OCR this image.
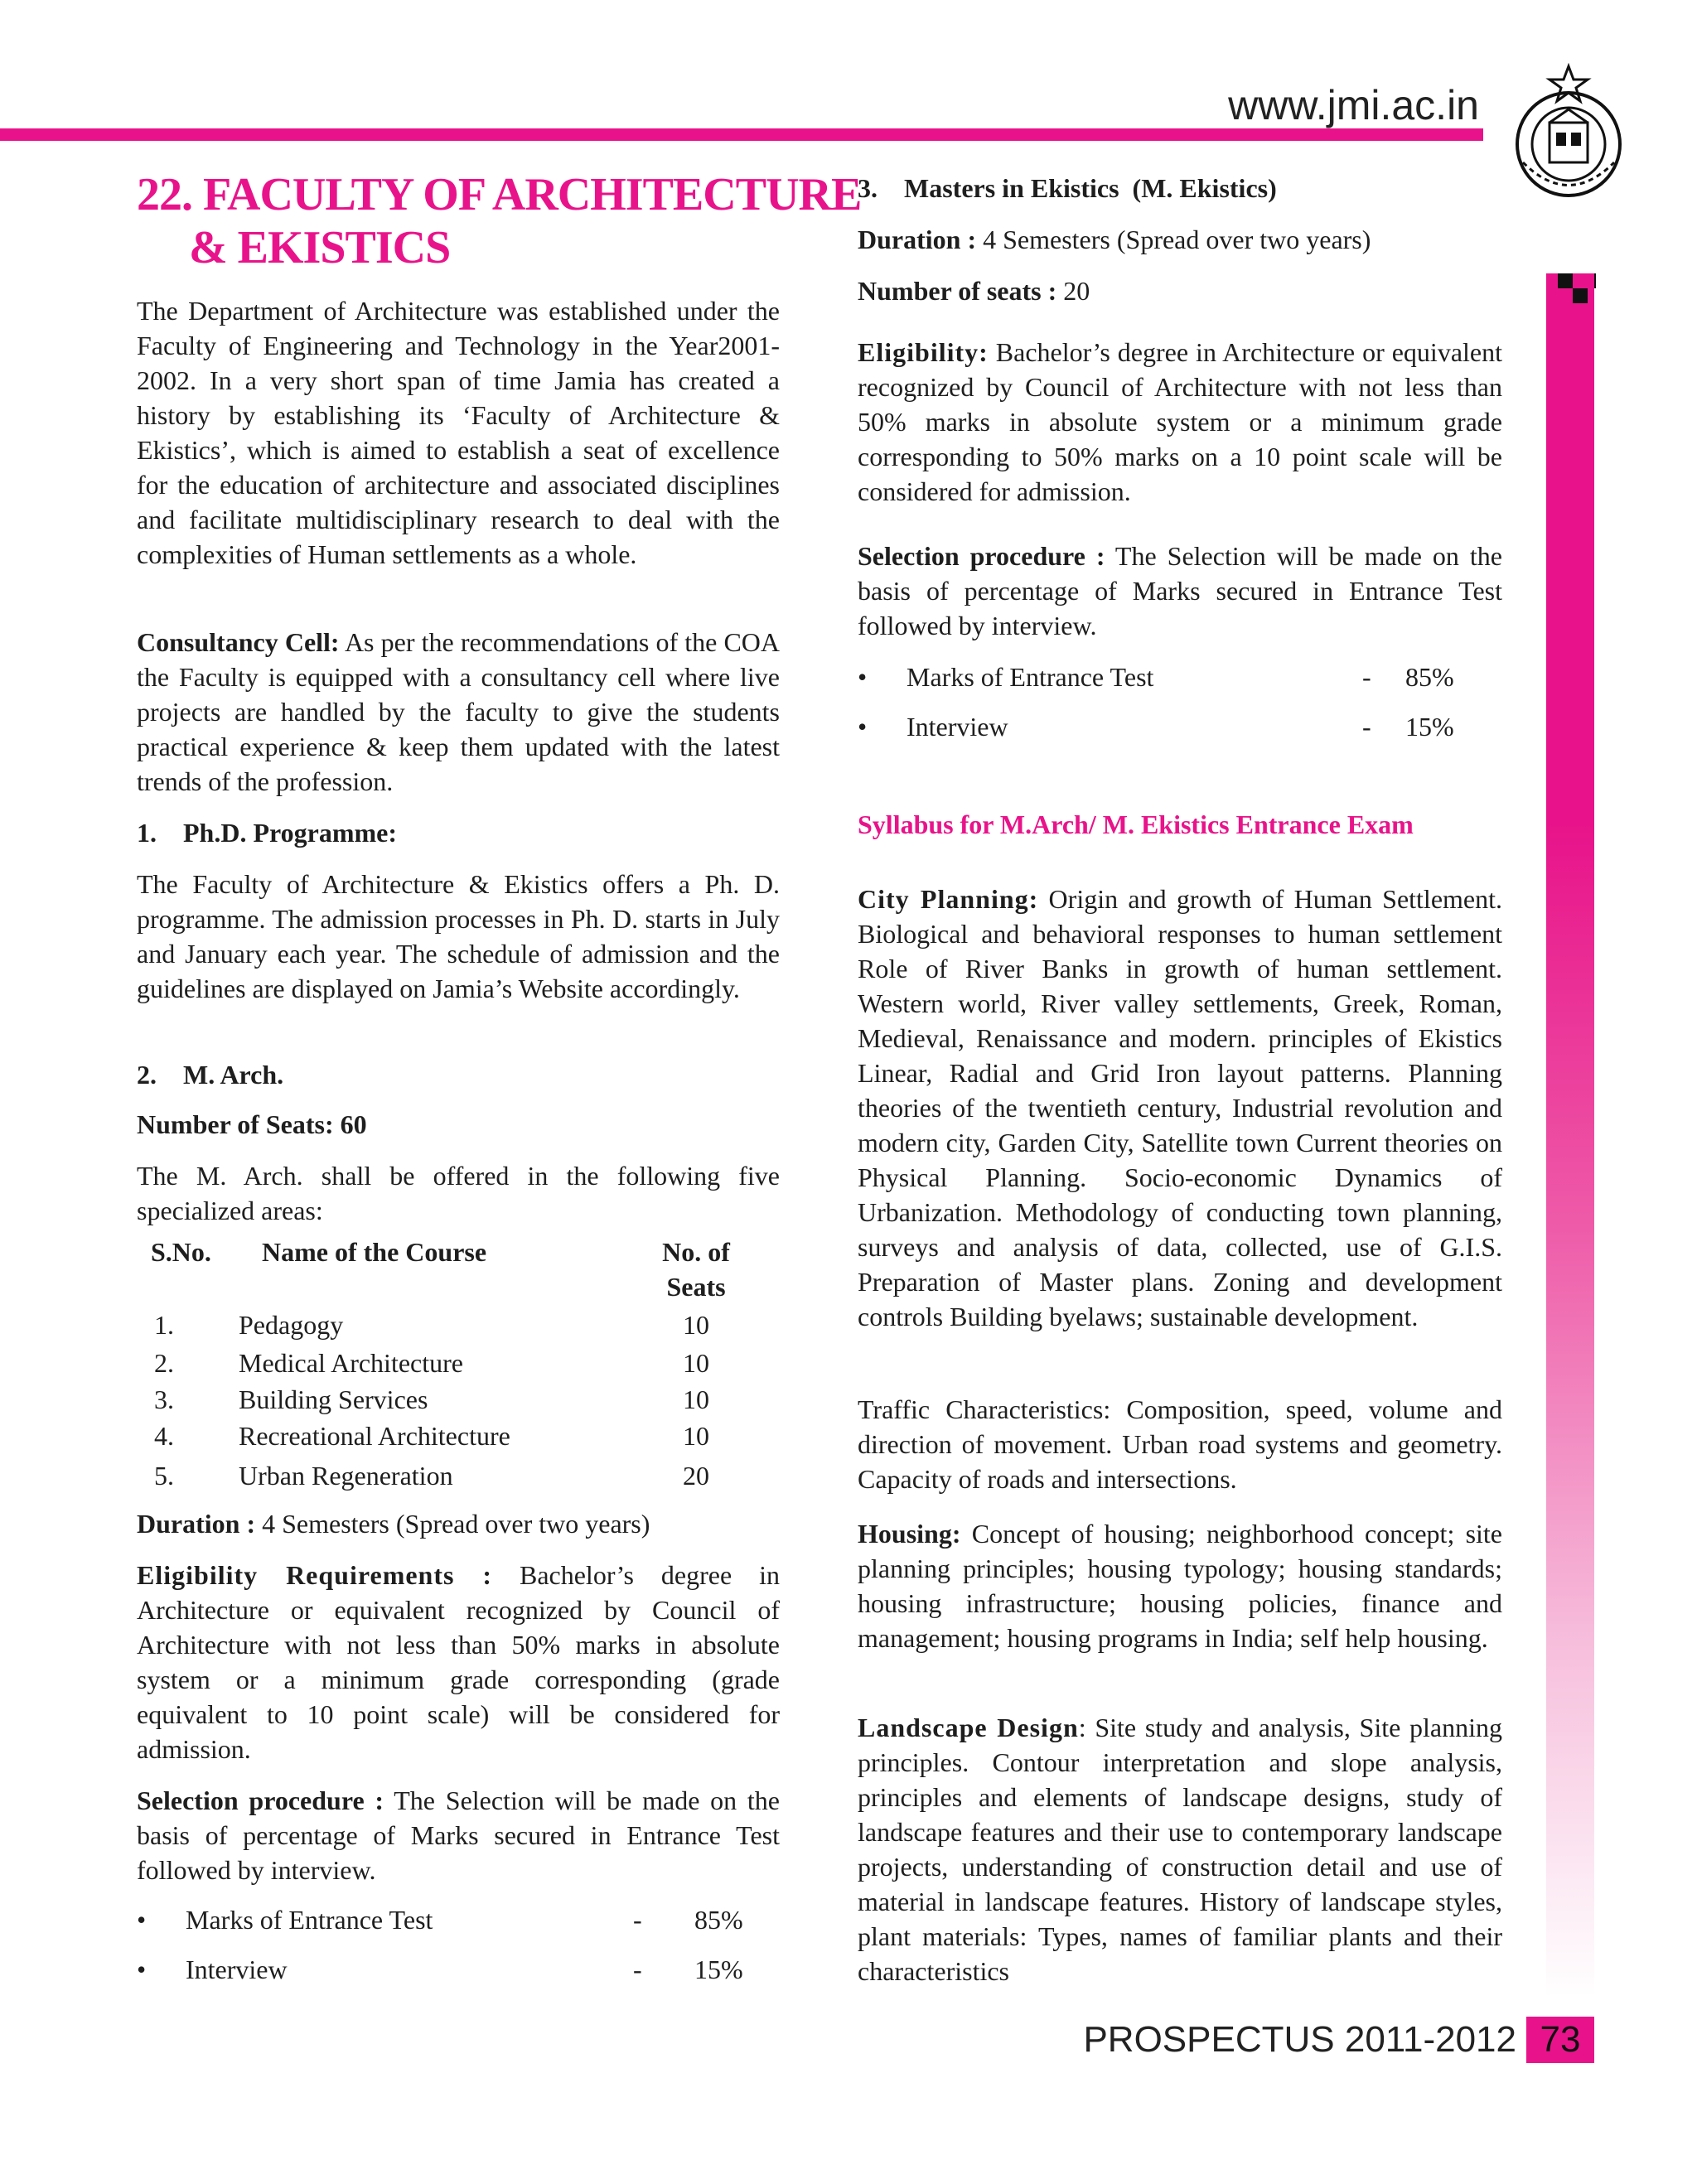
www.jmi.ac.in
22. FACULTY OF ARCHITECTURE
& EKISTICS

The Department of Architecture was established under the Faculty of Engineering and Technology in the Year2001-2002. In a very short span of time Jamia has created a history by establishing its ‘Faculty of Architecture & Ekistics’, which is aimed to establish a seat of excellence for the education of architecture and associated disciplines and facilitate multidisciplinary research to deal with the complexities of Human settlements as a whole.

Consultancy Cell: As per the recommendations of the COA the Faculty is equipped with a consultancy cell where live projects are handled by the faculty to give the students practical experience & keep them updated with the latest trends of the profession.

1.    Ph.D. Programme:

The Faculty of Architecture & Ekistics offers a Ph. D. programme. The admission processes in Ph. D. starts in July and January each year. The schedule of admission and the guidelines are displayed on Jamia’s Website accordingly.

2.    M. Arch.
Number of Seats: 60

The M. Arch. shall be offered in the following five specialized areas:

S.No. Name of the Course	No. of
Seats
1. Pedagogy	10
2. Medical Architecture	10
3. Building Services	10
4. Recreational Architecture	10
5. Urban Regeneration	20

Duration : 4 Semesters (Spread over two years)

Eligibility Requirements : Bachelor’s degree in Architecture or equivalent recognized by Council of Architecture with not less than 50% marks in absolute system or a minimum grade corresponding (grade equivalent to 10 point scale) will be considered for admission.

Selection procedure : The Selection will be made on the basis of percentage of Marks secured in Entrance Test followed by interview.

• Marks of Entrance Test	- 85%
• Interview	- 15%
3.    Masters in Ekistics  (M. Ekistics)

Duration : 4 Semesters (Spread over two years)

Number of seats : 20

Eligibility: Bachelor’s degree in Architecture or equivalent recognized by Council of Architecture with not less than 50% marks in absolute system or a minimum grade corresponding to 50% marks on a 10 point scale will be considered for admission.

Selection procedure : The Selection will be made on the basis of percentage of Marks secured in Entrance Test followed by interview.

• Marks of Entrance Test	- 85%
• Interview	- 15%
Syllabus for M.Arch/ M. Ekistics Entrance Exam

City Planning: Origin and growth of Human Settlement. Biological and behavioral responses to human settlement Role of River Banks in growth of human settlement. Western world, River valley settlements, Greek, Roman, Medieval, Renaissance and modern. principles of Ekistics Linear, Radial and Grid Iron layout patterns. Planning theories of the twentieth century, Industrial revolution and modern city, Garden City, Satellite town Current theories on Physical Planning. Socio-economic Dynamics of Urbanization. Methodology of conducting town planning, surveys and analysis of data, collected, use of G.I.S. Preparation of Master plans. Zoning and development controls Building byelaws; sustainable development.

Traffic Characteristics: Composition, speed, volume and direction of movement. Urban road systems and geometry. Capacity of roads and intersections.

Housing: Concept of housing; neighborhood concept; site planning principles; housing typology; housing standards; housing infrastructure; housing policies, finance and management; housing programs in India; self help housing.

Landscape Design: Site study and analysis, Site planning principles. Contour interpretation and slope analysis, principles and elements of landscape designs, study of landscape features and their use to contemporary landscape projects, understanding of construction detail and use of material in landscape features. History of landscape styles, plant materials: Types, names of familiar plants and their characteristics

PROSPECTUS 2011-2012 73
